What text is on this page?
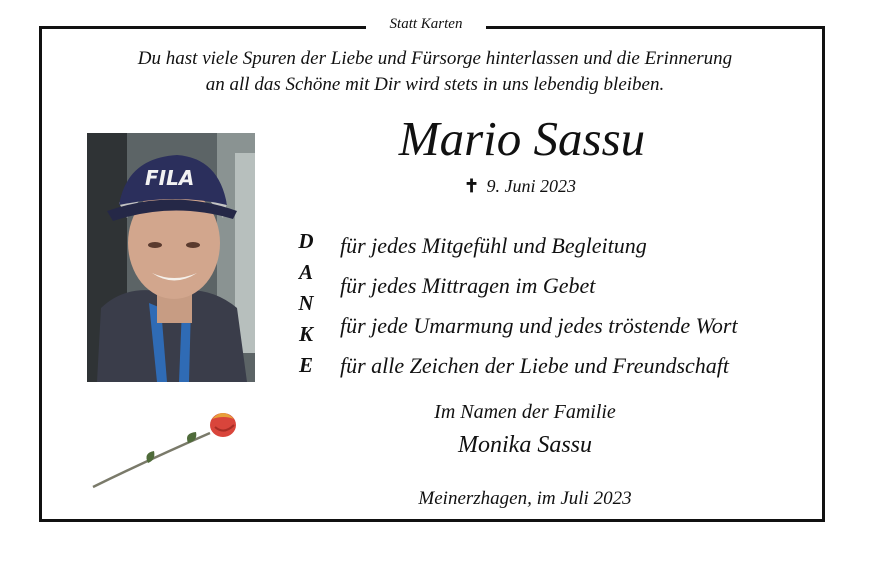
Statt Karten
Du hast viele Spuren der Liebe und Fürsorge hinterlassen und die Erinnerung
an all das Schöne mit Dir wird stets in uns lebendig bleiben.
FILA
Mario Sassu
✝ 9. Juni 2023
D
A
N
K
E
für jedes Mitgefühl und Begleitung
für jedes Mittragen im Gebet
für jede Umarmung und jedes tröstende Wort
für alle Zeichen der Liebe und Freundschaft
Im Namen der Familie
Monika Sassu
Meinerzhagen, im Juli 2023
